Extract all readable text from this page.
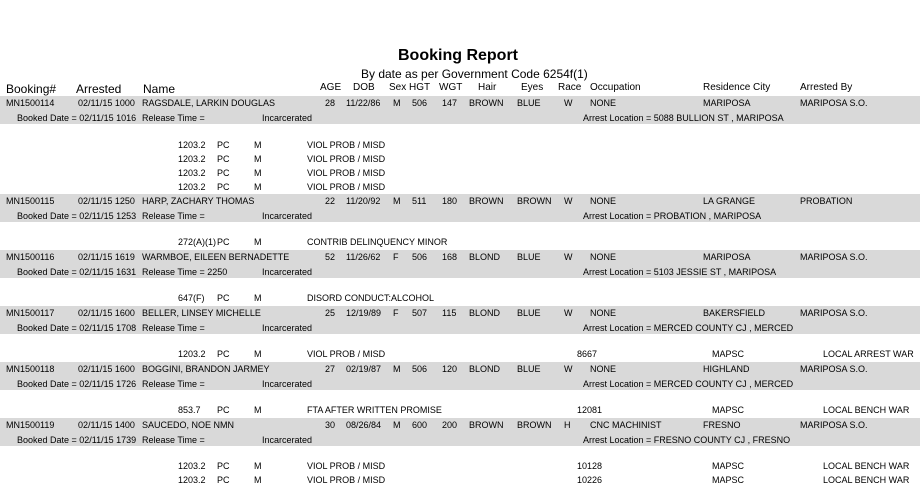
Booking Report
By date as per Government Code 6254f(1)
Booking# Arrested Name	AGE DOB Sex HGT WGT Hair Eyes Race Occupation	Residence City	Arrested By
MN1500114	02/11/15 1000 RAGSDALE, LARKIN DOUGLAS	28 11/22/86 M 506 147 BROWN BLUE	W NONE	MARIPOSA	MARIPOSA S.O.
Booked Date = 02/11/15 1016 Release Time =	Incarcerated	Arrest Location = 5088 BULLION ST , MARIPOSA
1203.2 PC	M	VIOL PROB / MISD
1203.2 PC	M	VIOL PROB / MISD
1203.2 PC	M	VIOL PROB / MISD
1203.2 PC	M	VIOL PROB / MISD
MN1500115	02/11/15 1250 HARP, ZACHARY THOMAS	22 11/20/92 M 511 180 BROWN BROWN W NONE	LA GRANGE	PROBATION
Booked Date = 02/11/15 1253 Release Time =	Incarcerated	Arrest Location = PROBATION , MARIPOSA
272(A)(1) PC	M	CONTRIB DELINQUENCY MINOR
MN1500116	02/11/15 1619 WARMBOE, EILEEN BERNADETTE	52 11/26/62 F 506 168 BLOND BLUE	W NONE	MARIPOSA	MARIPOSA S.O.
Booked Date = 02/11/15 1631 Release Time = 2250	Incarcerated	Arrest Location = 5103 JESSIE ST , MARIPOSA
647(F) PC	M	DISORD CONDUCT:ALCOHOL
MN1500117	02/11/15 1600 BELLER, LINSEY MICHELLE	25 12/19/89 F 507 115 BLOND BLUE	W NONE	BAKERSFIELD	MARIPOSA S.O.
Booked Date = 02/11/15 1708 Release Time =	Incarcerated	Arrest Location = MERCED COUNTY CJ , MERCED
1203.2 PC	M	VIOL PROB / MISD	8667	MAPSC	LOCAL ARREST WAR
MN1500118	02/11/15 1600 BOGGINI, BRANDON JARMEY	27 02/19/87 M 506 120 BLOND BLUE	W NONE	HIGHLAND	MARIPOSA S.O.
Booked Date = 02/11/15 1726 Release Time =	Incarcerated	Arrest Location = MERCED COUNTY CJ , MERCED
853.7 PC	M	FTA AFTER WRITTEN PROMISE	12081	MAPSC	LOCAL BENCH WAR
MN1500119	02/11/15 1400 SAUCEDO, NOE NMN	30 08/26/84 M 600 200 BROWN BROWN H CNC MACHINIST	FRESNO	MARIPOSA S.O.
Booked Date = 02/11/15 1739 Release Time =	Incarcerated	Arrest Location = FRESNO COUNTY CJ , FRESNO
1203.2 PC	M	VIOL PROB / MISD	10128	MAPSC	LOCAL BENCH WAR
1203.2 PC	M	VIOL PROB / MISD	10226	MAPSC	LOCAL BENCH WAR
